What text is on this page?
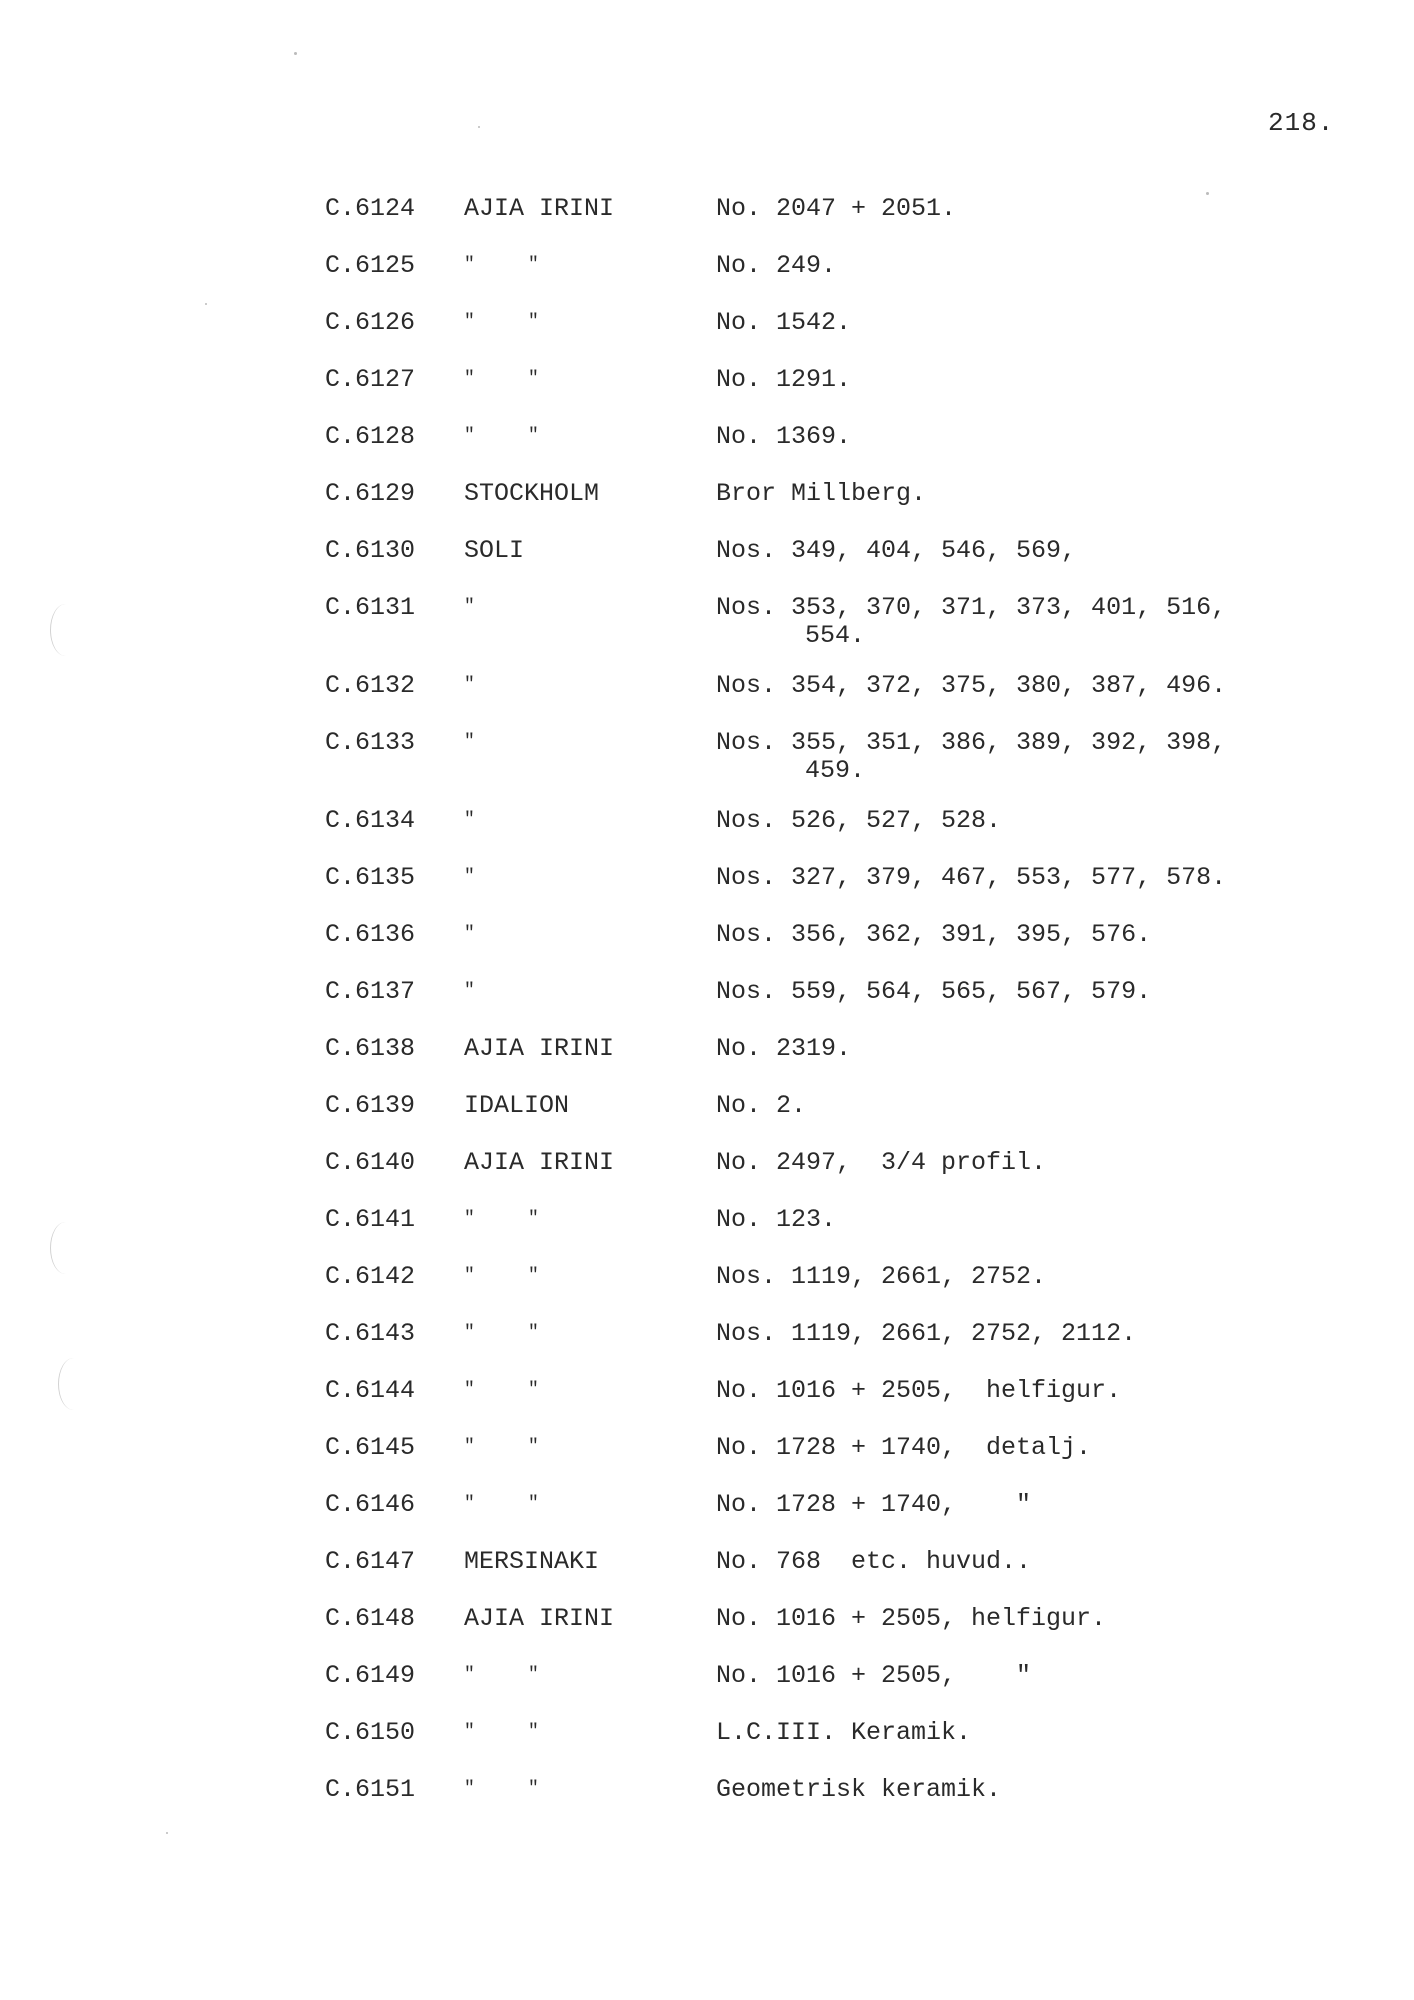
218.
C.6124	AJIA IRINI	No. 2047 + 2051.
C.6125	"    "	No. 249.
C.6126	"    "	No. 1542.
C.6127	"    "	No. 1291.
C.6128	"    "	No. 1369.
C.6129	STOCKHOLM	Bror Millberg.
C.6130	SOLI	Nos. 349, 404, 546, 569,
C.6131	"	Nos. 353, 370, 371, 373, 401, 516,
554.
C.6132	"	Nos. 354, 372, 375, 380, 387, 496.
C.6133	"	Nos. 355, 351, 386, 389, 392, 398,
459.
C.6134	"	Nos. 526, 527, 528.
C.6135	"	Nos. 327, 379, 467, 553, 577, 578.
C.6136	"	Nos. 356, 362, 391, 395, 576.
C.6137	"	Nos. 559, 564, 565, 567, 579.
C.6138	AJIA IRINI	No. 2319.
C.6139	IDALION	No. 2.
C.6140	AJIA IRINI	No. 2497,  3/4 profil.
C.6141	"    "	No. 123.
C.6142	"    "	Nos. 1119, 2661, 2752.
C.6143	"    "	Nos. 1119, 2661, 2752, 2112.
C.6144	"    "	No. 1016 + 2505,  helfigur.
C.6145	"    "	No. 1728 + 1740,  detalj.
C.6146	"    "	No. 1728 + 1740,    "
C.6147	MERSINAKI	No. 768  etc. huvud..
C.6148	AJIA IRINI	No. 1016 + 2505, helfigur.
C.6149	"    "	No. 1016 + 2505,    "
C.6150	"    "	L.C.III. Keramik.
C.6151	"    "	Geometrisk keramik.
